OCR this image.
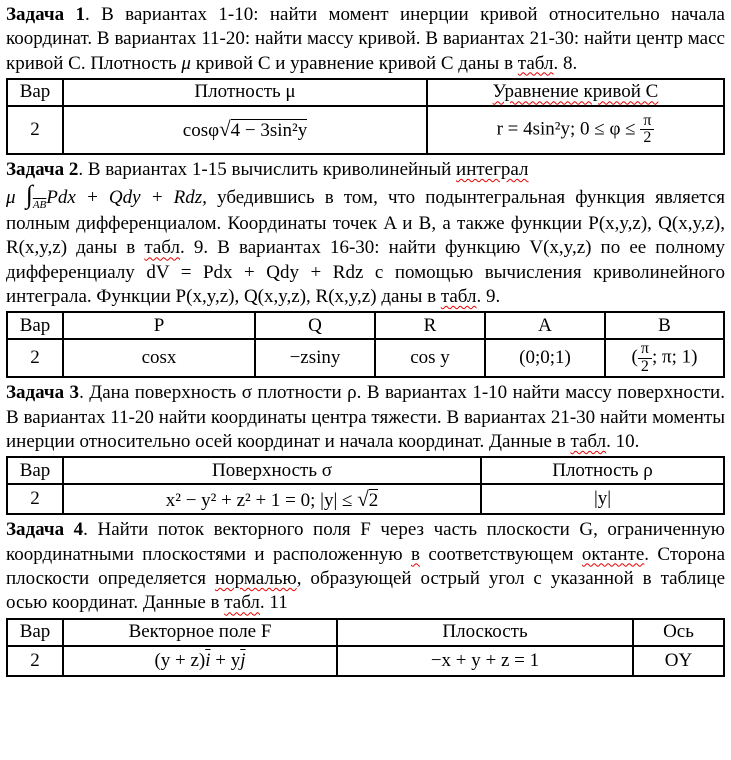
Задача 1. В вариантах 1-10: найти момент инерции кривой относительно начала координат. В вариантах 11-20: найти массу кривой. В вариантах 21-30: найти центр масс кривой C. Плотность μ кривой C и уравнение кривой C даны в табл. 8.

Вар	Плотность μ	Уравнение кривой C
2	cosφ√4 − 3sin²y	r = 4sin²y; $0 \le \varphi \le \frac{\pi}{2}$

Задача 2. В вариантах 1-15 вычислить криволинейный интеграл

μ $\int_{\overline{AB}}Pdx$ + Qdy + Rdz, убедившись в том, что подынтегральная функция является полным дифференциалом. Координаты точек A и B, а также функции P(x,y,z), Q(x,y,z), R(x,y,z) даны в табл. 9. В вариантах 16-30: найти функцию V(x,y,z) по ее полному дифференциалу dV = Pdx + Qdy + Rdz с помощью вычисления криволинейного интеграла. Функции P(x,y,z), Q(x,y,z), R(x,y,z) даны в табл. 9.

Вар	P	Q	R	A	B
2	cosx	−zsiny	cos y	(0;0;1)	( $\frac{\pi}{2}$ ; π; 1)

Задача 3. Дана поверхность σ плотности ρ. В вариантах 1-10 найти массу поверхности. В вариантах 11-20 найти координаты центра тяжести. В вариантах 21-30 найти моменты инерции относительно осей координат и начала координат. Данные в табл. 10.

Вар	Поверхность σ	Плотность ρ
2	x² − y² + z² + 1 = 0; |y| ≤ √2	|y|

Задача 4. Найти поток векторного поля F через часть плоскости G, ограниченную координатными плоскостями и расположенную в соответствующем октанте. Сторона плоскости определяется нормалью, образующей острый угол с указанной в таблице осью координат. Данные в табл. 11

Вар	Векторное поле F	Плоскость	Ось
2	$(y + z)\overline{i} + y\overline{j}$	−x + y + z = 1	OY
